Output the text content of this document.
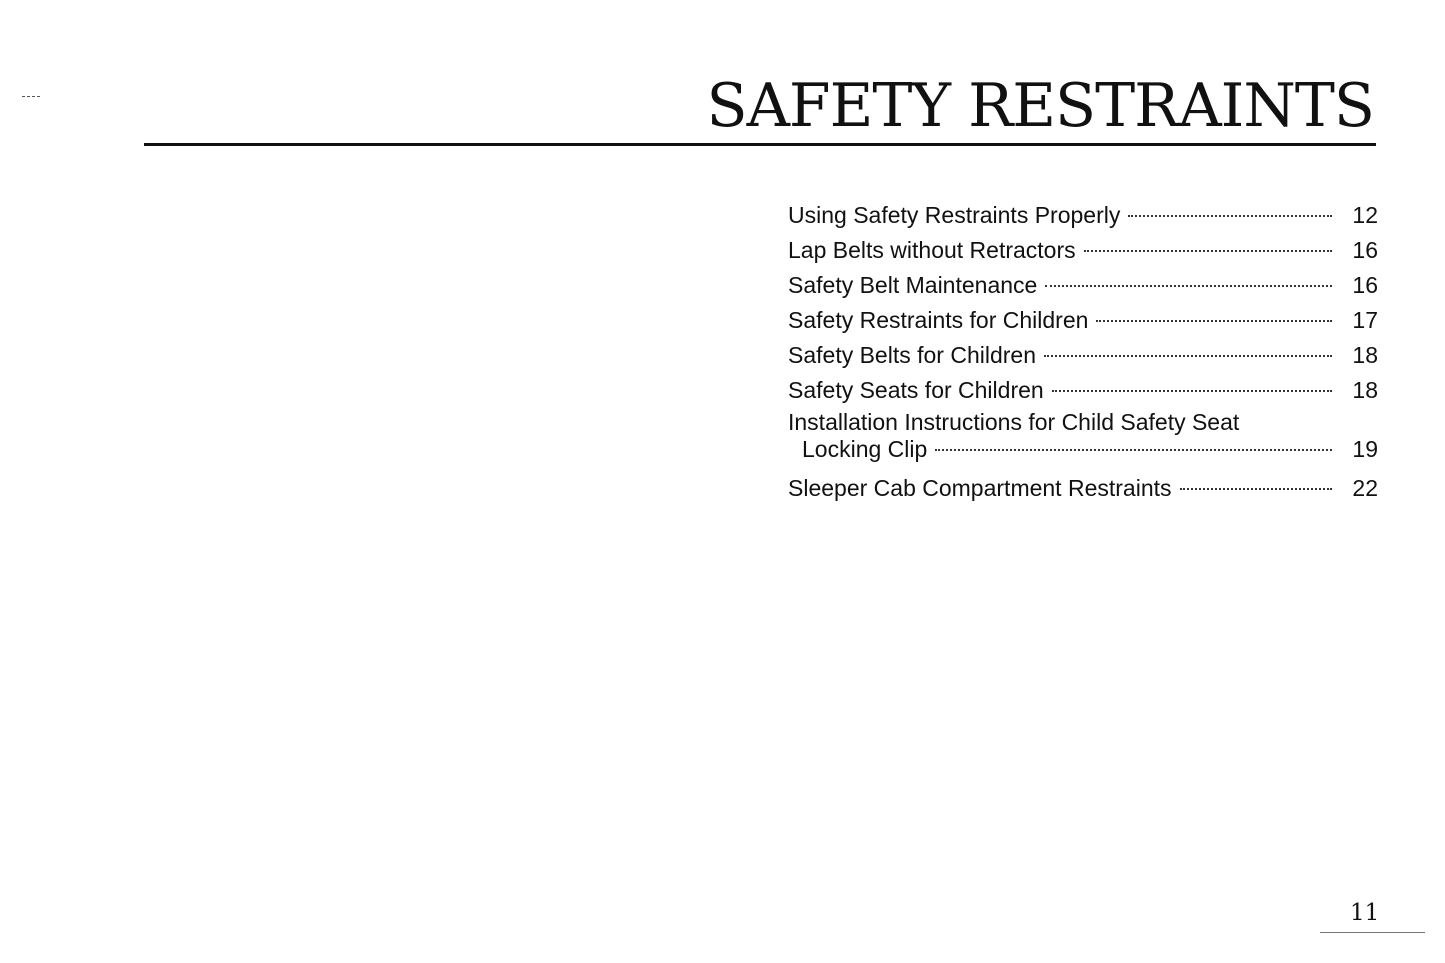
SAFETY RESTRAINTS
Using Safety Restraints Properly	12
Lap Belts without Retractors	16
Safety Belt Maintenance	16
Safety Restraints for Children	17
Safety Belts for Children	18
Safety Seats for Children	18
Installation Instructions for Child Safety Seat
Locking Clip	19
Sleeper Cab Compartment Restraints	22
11
